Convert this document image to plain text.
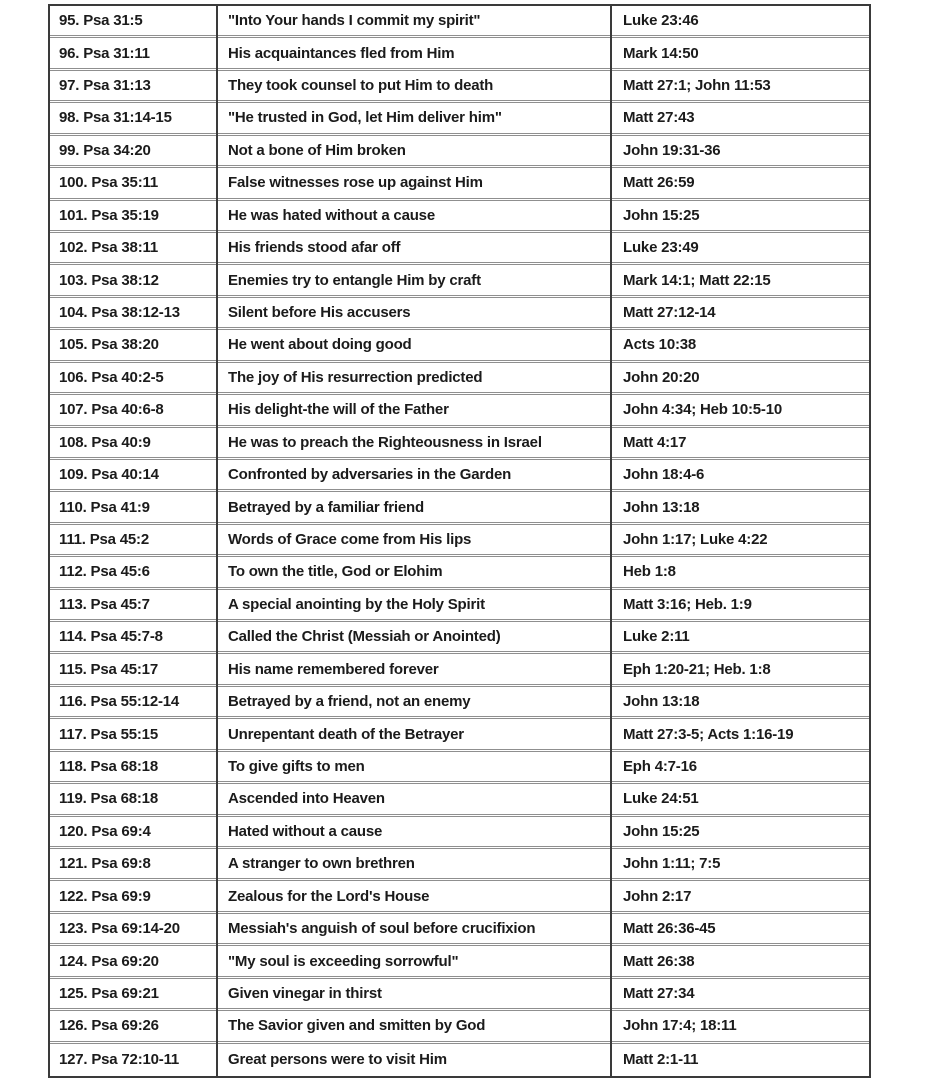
95. Psa 31:5	"Into Your hands I commit my spirit"	Luke 23:46
96. Psa 31:11	His acquaintances fled from Him	Mark 14:50
97. Psa 31:13	They took counsel to put Him to death	Matt 27:1; John 11:53
98. Psa 31:14-15	"He trusted in God, let Him deliver him"	Matt 27:43
99. Psa 34:20	Not a bone of Him broken	John 19:31-36
100. Psa 35:11	False witnesses rose up against Him	Matt 26:59
101. Psa 35:19	He was hated without a cause	John 15:25
102. Psa 38:11	His friends stood afar off	Luke 23:49
103. Psa 38:12	Enemies try to entangle Him by craft	Mark 14:1; Matt 22:15
104. Psa 38:12-13	Silent before His accusers	Matt 27:12-14
105. Psa 38:20	He went about doing good	Acts 10:38
106. Psa 40:2-5	The joy of His resurrection predicted	John 20:20
107. Psa 40:6-8	His delight-the will of the Father	John 4:34; Heb 10:5-10
108. Psa 40:9	He was to preach the Righteousness in Israel	Matt 4:17
109. Psa 40:14	Confronted by adversaries in the Garden	John 18:4-6
110. Psa 41:9	Betrayed by a familiar friend	John 13:18
111. Psa 45:2	Words of Grace come from His lips	John 1:17; Luke 4:22
112. Psa 45:6	To own the title, God or Elohim	Heb 1:8
113. Psa 45:7	A special anointing by the Holy Spirit	Matt 3:16; Heb. 1:9
114. Psa 45:7-8	Called the Christ (Messiah or Anointed)	Luke 2:11
115. Psa 45:17	His name remembered forever	Eph 1:20-21; Heb. 1:8
116. Psa 55:12-14	Betrayed by a friend, not an enemy	John 13:18
117. Psa 55:15	Unrepentant death of the Betrayer	Matt 27:3-5; Acts 1:16-19
118. Psa 68:18	To give gifts to men	Eph 4:7-16
119. Psa 68:18	Ascended into Heaven	Luke 24:51
120. Psa 69:4	Hated without a cause	John 15:25
121. Psa 69:8	A stranger to own brethren	John 1:11; 7:5
122. Psa 69:9	Zealous for the Lord's House	John 2:17
123. Psa 69:14-20	Messiah's anguish of soul before crucifixion	Matt 26:36-45
124. Psa 69:20	"My soul is exceeding sorrowful"	Matt 26:38
125. Psa 69:21	Given vinegar in thirst	Matt 27:34
126. Psa 69:26	The Savior given and smitten by God	John 17:4; 18:11
127. Psa 72:10-11	Great persons were to visit Him	Matt 2:1-11
